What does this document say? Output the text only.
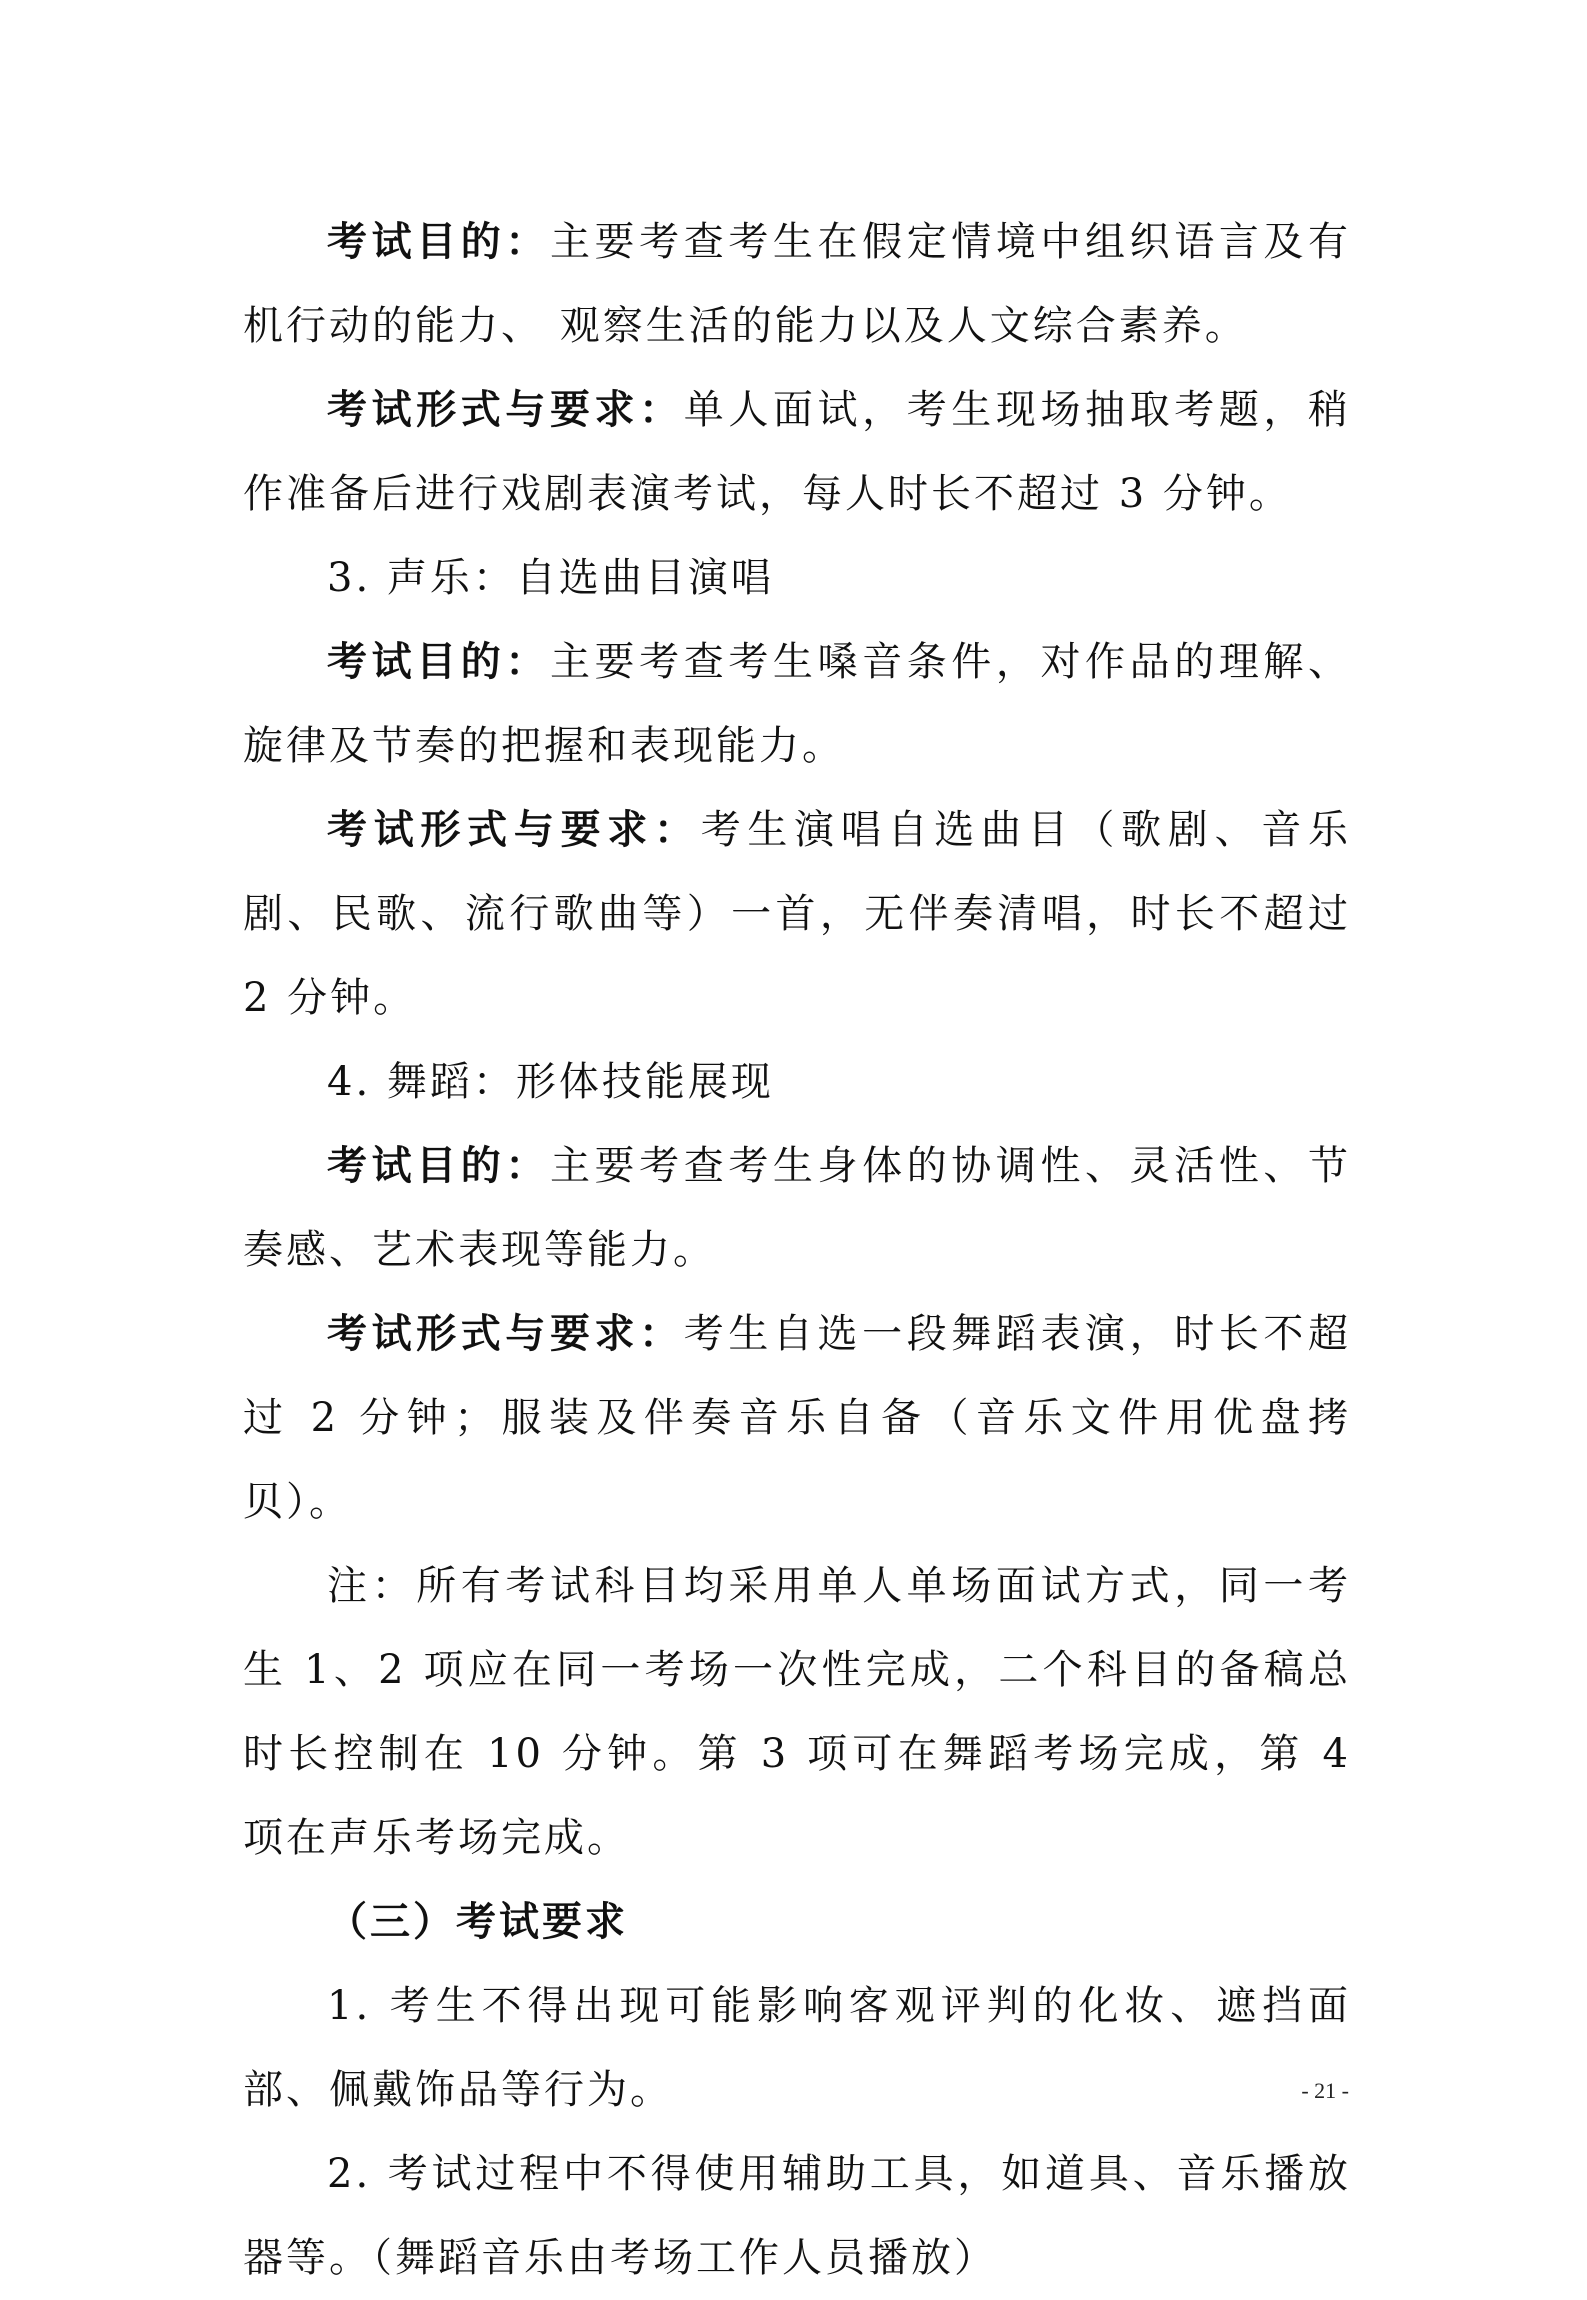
考试目的：主要考查考生在假定情境中组织语言及有机行动的能力、 观察生活的能力以及人文综合素养。

考试形式与要求：单人面试，考生现场抽取考题，稍作准备后进行戏剧表演考试，每人时长不超过 3 分钟。

3. 声乐：自选曲目演唱

考试目的：主要考查考生嗓音条件，对作品的理解、旋律及节奏的把握和表现能力。

考试形式与要求：考生演唱自选曲目（歌剧、音乐剧、民歌、流行歌曲等）一首，无伴奏清唱，时长不超过 2 分钟。

4. 舞蹈：形体技能展现

考试目的：主要考查考生身体的协调性、灵活性、节奏感、艺术表现等能力。

考试形式与要求：考生自选一段舞蹈表演，时长不超过 2 分钟；服装及伴奏音乐自备（音乐文件用优盘拷贝）。

注：所有考试科目均采用单人单场面试方式，同一考生 1、2 项应在同一考场一次性完成，二个科目的备稿总时长控制在 10 分钟。第 3 项可在舞蹈考场完成，第 4 项在声乐考场完成。

（三）考试要求

1. 考生不得出现可能影响客观评判的化妆、遮挡面部、佩戴饰品等行为。

2. 考试过程中不得使用辅助工具，如道具、音乐播放器等。（舞蹈音乐由考场工作人员播放）

- 21 -
